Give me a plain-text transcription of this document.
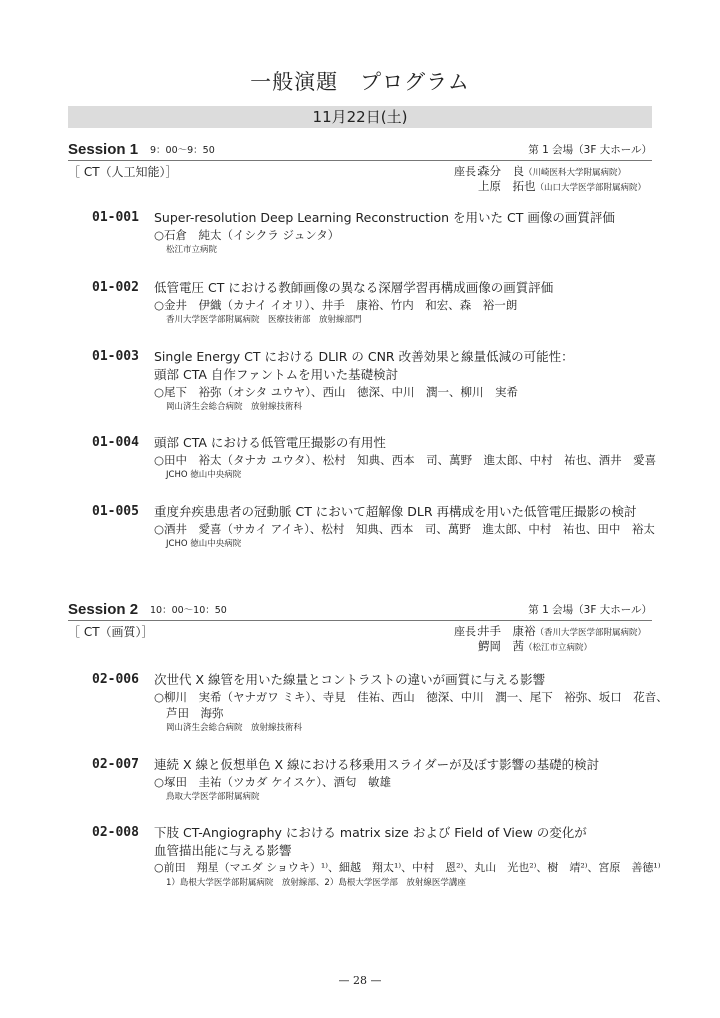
一般演題　プログラム
11月22日(土)
Session 1 9：00～9：50	第 1 会場（3F 大ホール）
［ CT（人工知能）］	座長：森分　良（川崎医科大学附属病院）
上原　拓也（山口大学医学部附属病院）
01-001 Super-resolution Deep Learning Reconstruction を用いた CT 画像の画質評価
○石倉　純太（イシクラ ジュンタ）
松江市立病院
01-002 低管電圧 CT における教師画像の異なる深層学習再構成画像の画質評価
○金井　伊織（カナイ イオリ）、井手　康裕、竹内　和宏、森　裕一朗
香川大学医学部附属病院　医療技術部　放射線部門
01-003 Single Energy CT における DLIR の CNR 改善効果と線量低減の可能性：
頭部 CTA 自作ファントムを用いた基礎検討
○尾下　裕弥（オシタ ユウヤ）、西山　徳深、中川　潤一、柳川　実希
岡山済生会総合病院　放射線技術科
01-004 頭部 CTA における低管電圧撮影の有用性
○田中　裕太（タナカ ユウタ）、松村　知典、西本　司、萬野　進太郎、中村　祐也、酒井　愛喜
JCHO 徳山中央病院
01-005 重度弁疾患患者の冠動脈 CT において超解像 DLR 再構成を用いた低管電圧撮影の検討
○酒井　愛喜（サカイ アイキ）、松村　知典、西本　司、萬野　進太郎、中村　祐也、田中　裕太
JCHO 徳山中央病院
Session 2 10：00～10：50	第 1 会場（3F 大ホール）
［ CT（画質）］	座長：井手　康裕（香川大学医学部附属病院）
鰐岡　茜（松江市立病院）
02-006 次世代 X 線管を用いた線量とコントラストの違いが画質に与える影響
○柳川　実希（ヤナガワ ミキ）、寺見　佳祐、西山　徳深、中川　潤一、尾下　裕弥、坂口　花音、
芦田　海弥
岡山済生会総合病院　放射線技術科
02-007 連続 X 線と仮想単色 X 線における移乗用スライダーが及ぼす影響の基礎的検討
○塚田　圭祐（ツカダ ケイスケ）、酒匂　敏雄
鳥取大学医学部附属病院
02-008 下肢 CT-Angiography における matrix size および Field of View の変化が
血管描出能に与える影響
○前田　翔星（マエダ ショウキ）¹⁾、細越　翔太¹⁾、中村　恩²⁾、丸山　光也²⁾、樹　靖²⁾、宮原　善徳¹⁾
1）島根大学医学部附属病院　放射線部、2）島根大学医学部　放射線医学講座
— 28 —
